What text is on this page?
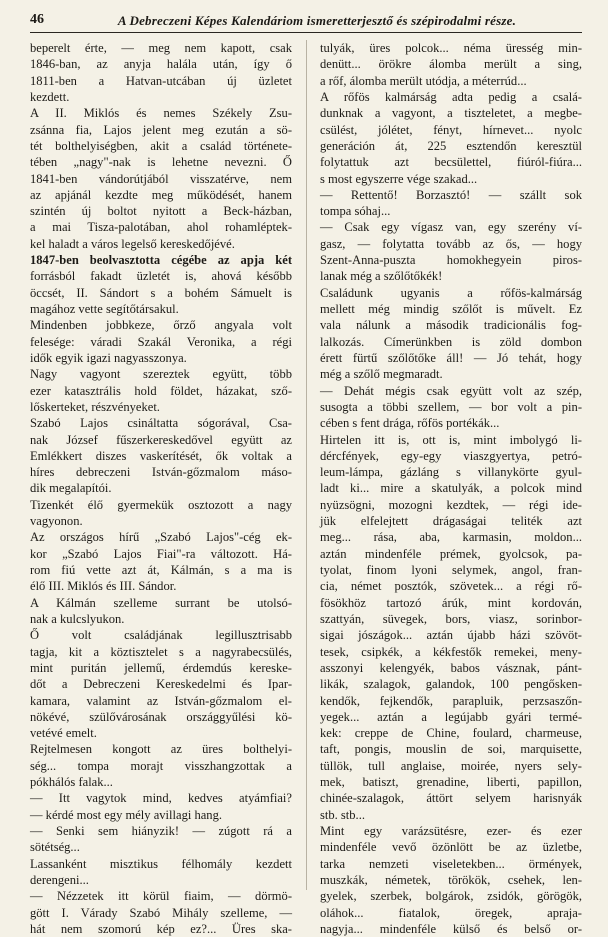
46	A Debreczeni Képes Kalendáriom ismeretterjesztő és szépirodalmi része.
beperelt érte, — meg nem kapott, csak
1846-ban, az anyja halála után, így ő
1811-ben a Hatvan-utcában új üzletet
kezdett.
A II. Miklós és nemes Székely Zsu-
zsánna fia, Lajos jelent meg ezután a sö-
tét bolthelyiségben, akit a család története-
tében „nagy"-nak is lehetne nevezni. Ő
1841-ben vándorútjából visszatérve, nem
az apjánál kezdte meg működését, hanem
szintén új boltot nyitott a Beck-házban,
a mai Tisza-palotában, ahol rohamléptek-
kel haladt a város legelső kereskedőjévé.
1847-ben beolvasztotta cégébe az apja két
forrásból fakadt üzletét is, ahová később
öccsét, II. Sándort s a bohém Sámuelt is
magához vette segítőtársakul.
Mindenben jobbkeze, őrző angyala volt
felesége: váradi Szakál Veronika, a régi
idők egyik igazi nagyasszonya.
Nagy vagyont szereztek együtt, több
ezer katasztrális hold földet, házakat, sző-
lőskerteket, részvényeket.
Szabó Lajos csináltatta sógorával, Csa-
nak József fűszerkereskedővel együtt az
Emlékkert diszes vaskerítését, ők voltak a
híres debreczeni István-gőzmalom máso-
dik megalapítói.
Tizenkét élő gyermekük osztozott a nagy
vagyonon.
Az országos hírű „Szabó Lajos"-cég ek-
kor „Szabó Lajos Fiai"-ra változott. Há-
rom fiú vette azt át, Kálmán, s a ma is
élő III. Miklós és III. Sándor.
A Kálmán szelleme surrant be utolsó-
nak a kulcslyukon.
Ő volt családjának legillusztrisabb
tagja, kit a köztisztelet s a nagyrabecsülés,
mint puritán jellemű, érdemdús kereske-
dőt a Debreczeni Kereskedelmi és Ipar-
kamara, valamint az István-gőzmalom el-
nökévé, szülővárosának országgyűlési kö-
vetévé emelt.
Rejtelmesen kongott az üres bolthelyi-
ség... tompa morajt visszhangzottak a
pókhálós falak...
— Itt vagytok mind, kedves atyámfiai?
— kérdé most egy mély avillagi hang.
— Senki sem hiányzik! — zúgott rá a
sötétség...
Lassanként misztikus félhomály kezdett
derengeni...
— Nézzetek itt körül fiaim, — dörmö-
gött I. Várady Szabó Mihály szelleme, —
hát nem szomorú kép ez?... Üres ska-
tulyák, üres polcok... néma üresség min-
denütt... örökre álomba merült a sing,
a rőf, álomba merült utódja, a méterrúd...
A rőfös kalmárság adta pedig a csalá-
dunknak a vagyont, a tiszteletet, a megbe-
csülést, jólétet, fényt, hírnevet... nyolc
generáción át, 225 esztendőn keresztül
folytattuk azt becsülettel, fiúról-fiúra...
s most egyszerre vége szakad...
— Rettentő! Borzasztó! — szállt sok
tompa sóhaj...
— Csak egy vígasz van, egy szerény ví-
gasz, — folytatta tovább az ős, — hogy
Szent-Anna-puszta homokhegyein piros-
lanak még a szőlőtőkék!
Családunk ugyanis a rőfös-kalmárság
mellett még mindig szőlőt is művelt. Ez
vala nálunk a második tradicionális fog-
lalkozás. Címerünkben is zöld dombon
érett fürtű szőlőtőke áll! — Jó tehát, hogy
még a szőlő megmaradt.
— Dehát mégis csak együtt volt az szép,
susogta a többi szellem, — bor volt a pin-
cében s fent drága, rőfös portékák...
Hirtelen itt is, ott is, mint imbolygó li-
dércfények, egy-egy viaszgyertya, petró-
leum-lámpa, gázláng s villanykörte gyul-
ladt ki... mire a skatulyák, a polcok mind
nyüzsögni, mozogni kezdtek, — régi ide-
jük elfelejtett drágaságai teliték azt
meg... rása, aba, karmasin, moldon...
aztán mindenféle prémek, gyolcsok, pa-
tyolat, finom lyoni selymek, angol, fran-
cia, német posztók, szövetek... a régi rő-
fösökhöz tartozó árúk, mint kordován,
szattyán, süvegek, bors, viasz, sorinbor-
sigai jószágok... aztán újabb házi szövöt-
tesek, csipkék, a kékfestők remekei, meny-
asszonyi kelengyék, babos vásznak, pánt-
likák, szalagok, galandok, 100 pengősken-
kendők, fejkendők, parapluik, perzsaszőn-
yegek... aztán a legújabb gyári termé-
kek: creppe de Chine, foulard, charmeuse,
taft, pongis, mouslin de soi, marquisette,
tüllök, tull anglaise, moirée, nyers sely-
mek, batiszt, grenadine, liberti, papillon,
chinée-szalagok, áttört selyem harisnyák
stb. stb...
Mint egy varázsütésre, ezer- és ezer
mindenféle vevő özönlött be az üzletbe,
tarka nemzeti viseletekben... örmények,
muszkák, németek, törökök, csehek, len-
gyelek, szerbek, bolgárok, zsidók, görögök,
oláhok... fiatalok, öregek, apraja-
nagyja... mindenféle külső és belső or-
